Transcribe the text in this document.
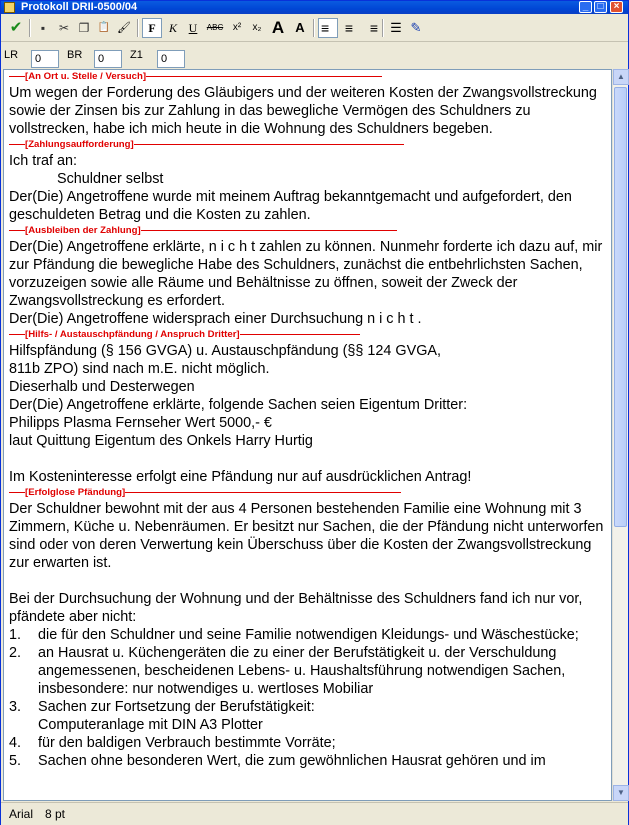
Protokoll DRII-0500/04	_ □	×
✔	▪	✂ ❐ 📋 🖌	F	K U	ABC x²	x₂ A A	≡	≡	≡ ☰ ✎
LR	0	BR	0	Z1	0
[An Ort u. Stelle / Versuch]

Um wegen der Forderung des Gläubigers und der weiteren Kosten der Zwangsvollstreckung sowie der Zinsen bis zur Zahlung in das bewegliche Vermögen des Schuldners zu vollstrecken, habe ich mich heute in die Wohnung des Schuldners begeben.

[Zahlungsaufforderung]

Ich traf an:

Schuldner selbst

Der(Die) Angetroffene wurde mit meinem Auftrag bekanntgemacht und aufgefordert, den geschuldeten Betrag und die Kosten zu zahlen.

[Ausbleiben der Zahlung]

Der(Die) Angetroffene erklärte, n i c h t zahlen zu können. Nunmehr forderte ich dazu auf, mir zur Pfändung die bewegliche Habe des Schuldners, zunächst die entbehrlichsten Sachen, vorzuzeigen sowie alle Räume und Behältnisse zu öffnen, soweit der Zweck der Zwangsvollstreckung es erfordert.

Der(Die) Angetroffene widersprach einer Durchsuchung n i c h t .

[Hilfs- / Austauschpfändung / Anspruch Dritter]

Hilfspfändung (§ 156 GVGA) u. Austauschpfändung (§§ 124 GVGA,

811b ZPO) sind nach m.E. nicht möglich.

Dieserhalb und Desterwegen

Der(Die) Angetroffene erklärte, folgende Sachen seien Eigentum Dritter:

Philipps Plasma Fernseher Wert 5000,- €

laut Quittung Eigentum des Onkels Harry Hurtig

Im Kosteninteresse erfolgt eine Pfändung nur auf ausdrücklichen Antrag!

[Erfolglose Pfändung]

Der Schuldner bewohnt mit der aus 4 Personen bestehenden Familie eine Wohnung mit 3 Zimmern, Küche u. Nebenräumen. Er besitzt nur Sachen, die der Pfändung nicht unterworfen sind oder von deren Verwertung kein Überschuss über die Kosten der Zwangsvollstreckung zur erwarten ist.

Bei der Durchsuchung der Wohnung und der Behältnisse des Schuldners fand ich nur vor, pfändete aber nicht:

1. die für den Schuldner und seine Familie notwendigen Kleidungs- und Wäschestücke;
2. an Hausrat u. Küchengeräten die zu einer der Berufstätigkeit u. der Verschuldung angemessenen, bescheidenen Lebens- u. Haushaltsführung notwendigen Sachen, insbesondere: nur notwendiges u. wertloses Mobiliar
3. Sachen zur Fortsetzung der Berufstätigkeit:
Computeranlage mit DIN A3 Plotter
4. für den baldigen Verbrauch bestimmte Vorräte;
5. Sachen ohne besonderen Wert, die zum gewöhnlichen Hausrat gehören und im
▲
▼
Arial 8 pt
